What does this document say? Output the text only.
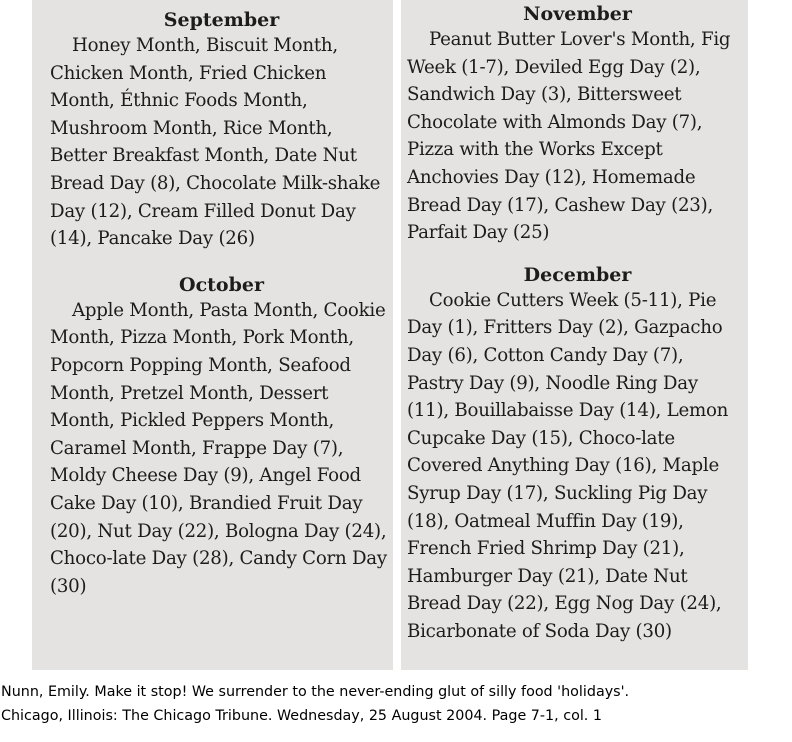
September

Honey Month, Biscuit Month, Chicken Month, Fried Chicken Month, Éthnic Foods Month, Mushroom Month, Rice Month, Better Breakfast Month, Date Nut Bread Day (8), Chocolate Milk-shake Day (12), Cream Filled Donut Day (14), Pancake Day (26)

October

Apple Month, Pasta Month, Cookie Month, Pizza Month, Pork Month, Popcorn Popping Month, Seafood Month, Pretzel Month, Dessert Month, Pickled Peppers Month, Caramel Month, Frappe Day (7), Moldy Cheese Day (9), Angel Food Cake Day (10), Brandied Fruit Day (20), Nut Day (22), Bologna Day (24), Choco-late Day (28), Candy Corn Day (30)

November

Peanut Butter Lover's Month, Fig Week (1-7), Deviled Egg Day (2), Sandwich Day (3), Bittersweet Chocolate with Almonds Day (7), Pizza with the Works Except Anchovies Day (12), Homemade Bread Day (17), Cashew Day (23), Parfait Day (25)

December

Cookie Cutters Week (5-11), Pie Day (1), Fritters Day (2), Gazpacho Day (6), Cotton Candy Day (7), Pastry Day (9), Noodle Ring Day (11), Bouillabaisse Day (14), Lemon Cupcake Day (15), Choco-late Covered Anything Day (16), Maple Syrup Day (17), Suckling Pig Day (18), Oatmeal Muffin Day (19), French Fried Shrimp Day (21), Hamburger Day (21), Date Nut Bread Day (22), Egg Nog Day (24), Bicarbonate of Soda Day (30)

Nunn, Emily. Make it stop! We surrender to the never-ending glut of silly food 'holidays'.
Chicago, Illinois: The Chicago Tribune. Wednesday, 25 August 2004. Page 7-1, col. 1
